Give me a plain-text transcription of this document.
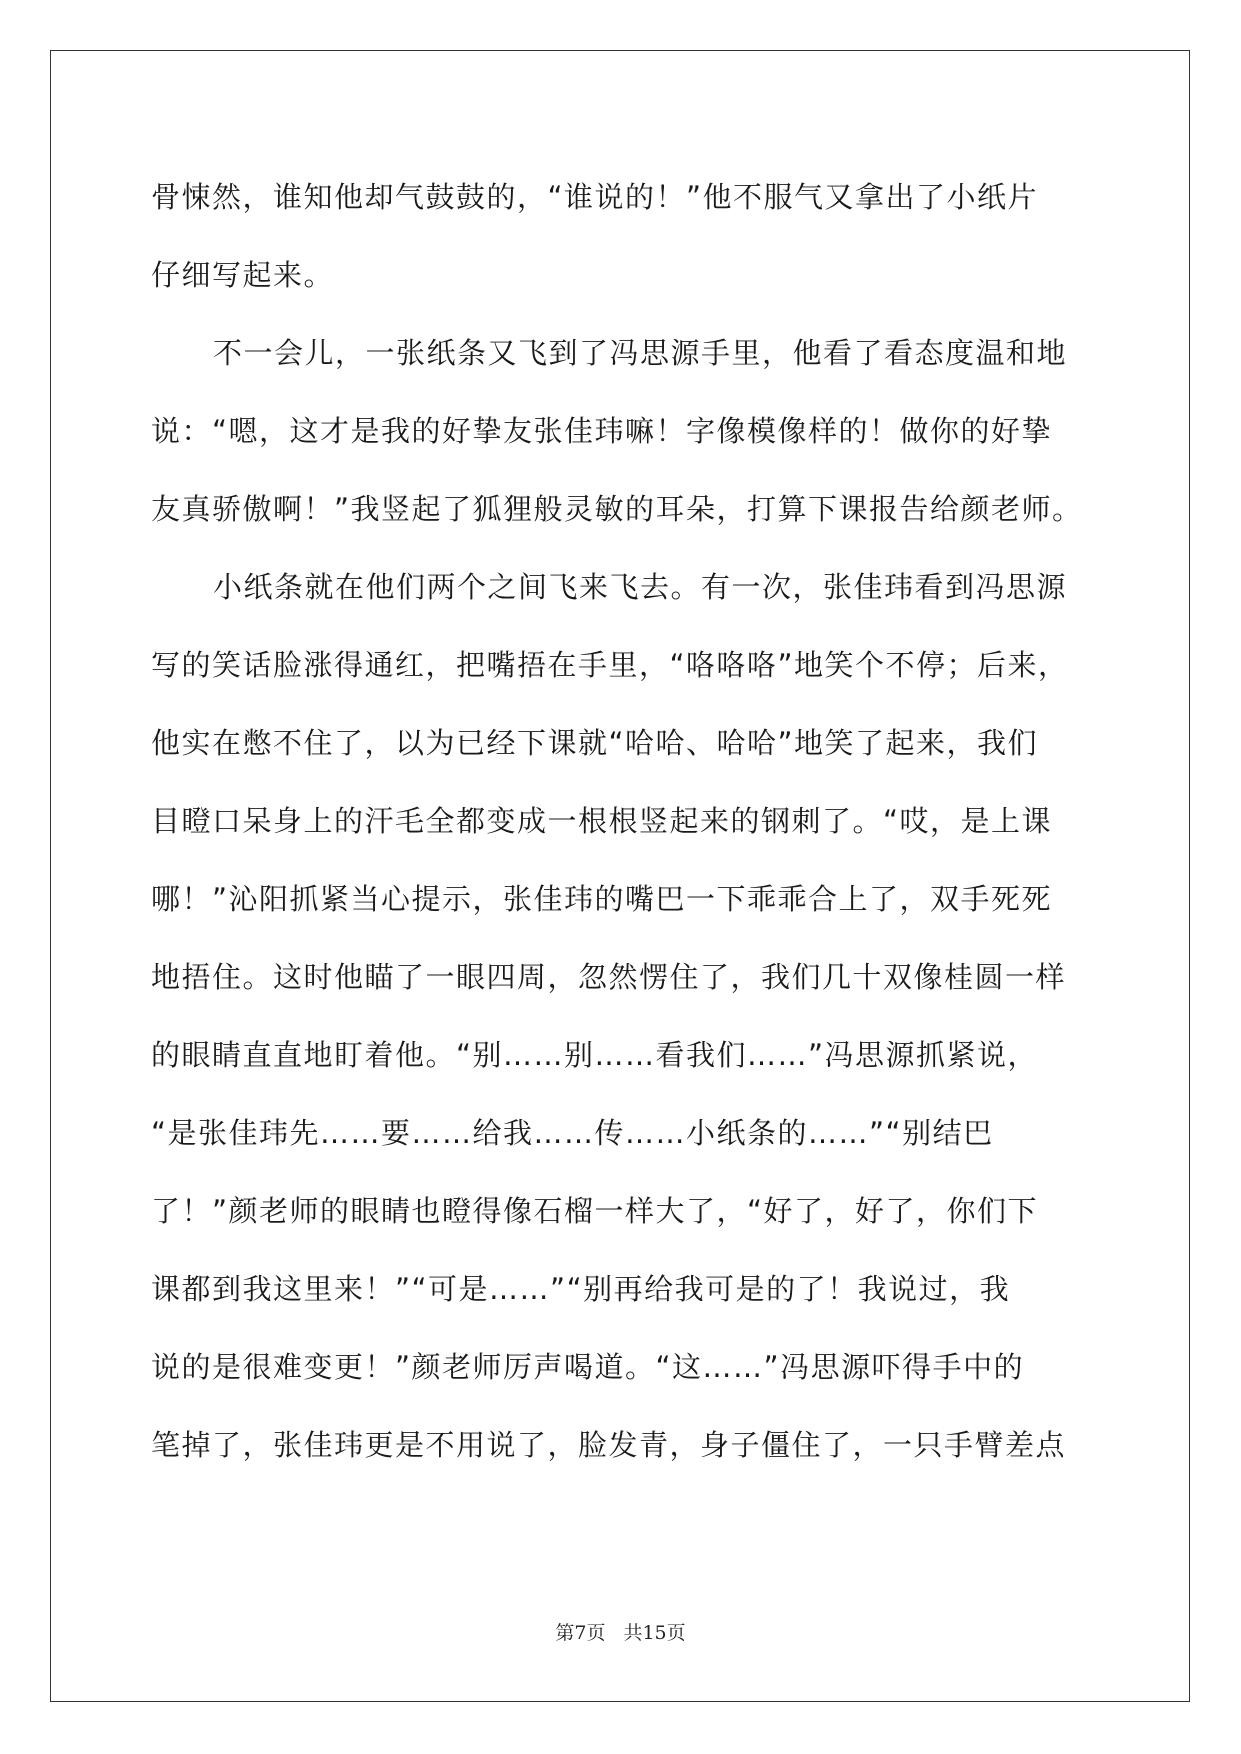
骨悚然，谁知他却气鼓鼓的，“谁说的！”他不服气又拿出了小纸片
仔细写起来。
不一会儿，一张纸条又飞到了冯思源手里，他看了看态度温和地
说：“嗯，这才是我的好挚友张佳玮嘛！字像模像样的！做你的好挚
友真骄傲啊！”我竖起了狐狸般灵敏的耳朵，打算下课报告给颜老师。
小纸条就在他们两个之间飞来飞去。有一次，张佳玮看到冯思源
写的笑话脸涨得通红，把嘴捂在手里，“咯咯咯”地笑个不停；后来，
他实在憋不住了，以为已经下课就“哈哈、哈哈”地笑了起来，我们
目瞪口呆身上的汗毛全都变成一根根竖起来的钢刺了。“哎，是上课
哪！”沁阳抓紧当心提示，张佳玮的嘴巴一下乖乖合上了，双手死死
地捂住。这时他瞄了一眼四周，忽然愣住了，我们几十双像桂圆一样
的眼睛直直地盯着他。“别……别……看我们……”冯思源抓紧说，
“是张佳玮先……要……给我……传……小纸条的……”“别结巴
了！”颜老师的眼睛也瞪得像石榴一样大了，“好了，好了，你们下
课都到我这里来！”“可是……”“别再给我可是的了！我说过，我
说的是很难变更！”颜老师厉声喝道。“这……”冯思源吓得手中的
笔掉了，张佳玮更是不用说了，脸发青，身子僵住了，一只手臂差点
第7页 共15页
